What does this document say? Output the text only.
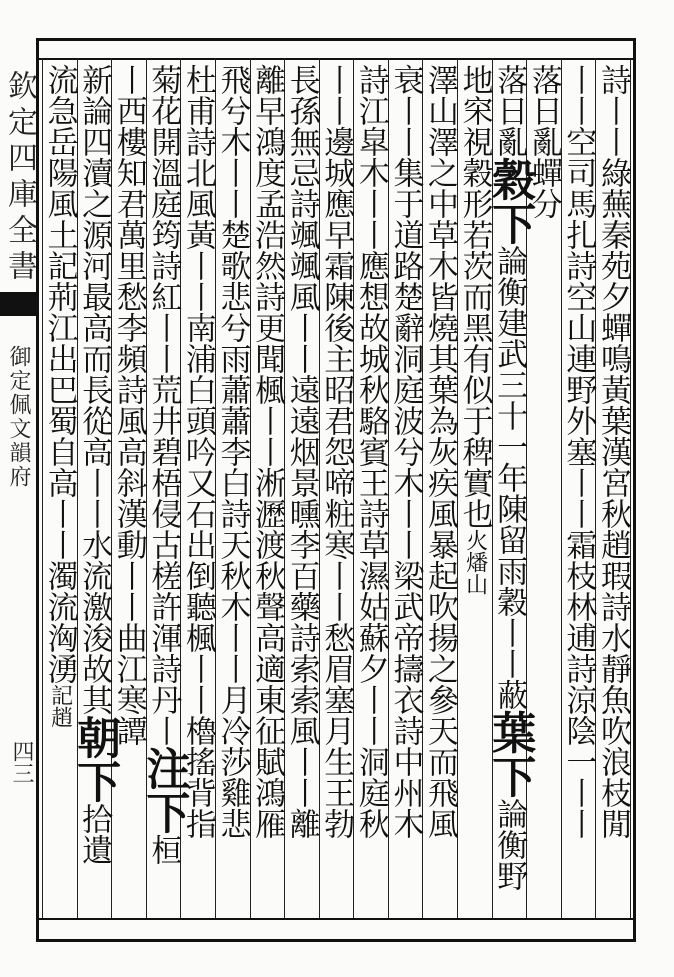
欽定四庫全書
御定佩文韻府
四三	詩丨丨綠蕪秦苑夕蟬鳴黃葉漢宮秋趙瑕詩水靜魚吹浪枝閒
丨丨空司馬扎詩空山連野外塞丨丨霜枝林逋詩涼陰一丨丨
落日亂蟬分
落日亂穀下論衡建武三十一年陳留雨穀丨丨蔽葉下論衡野
地穼視穀形若茨而黑有似于稗實也火燔山
澤山澤之中草木皆燒其葉為灰疾風暴起吹揚之參天而飛風
衰丨丨集于道路楚辭洞庭波兮木丨丨梁武帝擣衣詩中州木
詩江皐木丨丨應想故城秋駱賓王詩草濕姑蘇夕丨丨洞庭秋
丨丨邊城應早霜陳後主昭君怨啼粧寒丨丨愁眉塞月生王勃
長孫無忌詩颯颯風丨丨遠遠烟景曛李百藥詩索索風丨丨離
離早鴻度孟浩然詩更聞楓丨丨淅瀝渡秋聲高適東征賦鴻雁
飛兮木丨丨楚歌悲兮雨蕭蕭李白詩天秋木丨丨月冷莎雞悲
杜甫詩北風黃丨丨南浦白頭吟又石出倒聽楓丨丨櫓搖背指
菊花開溫庭筠詩紅丨丨荒井碧梧侵古槎許渾詩丹丨注下桓
丨西樓知君萬里愁李頻詩風高斜漢動丨丨曲江寒譚
新論四瀆之源河最高而長從高丨丨水流激浚故其朝下拾遺
流急岳陽風土記荊江出巴蜀自高丨丨濁流洶湧記趙
